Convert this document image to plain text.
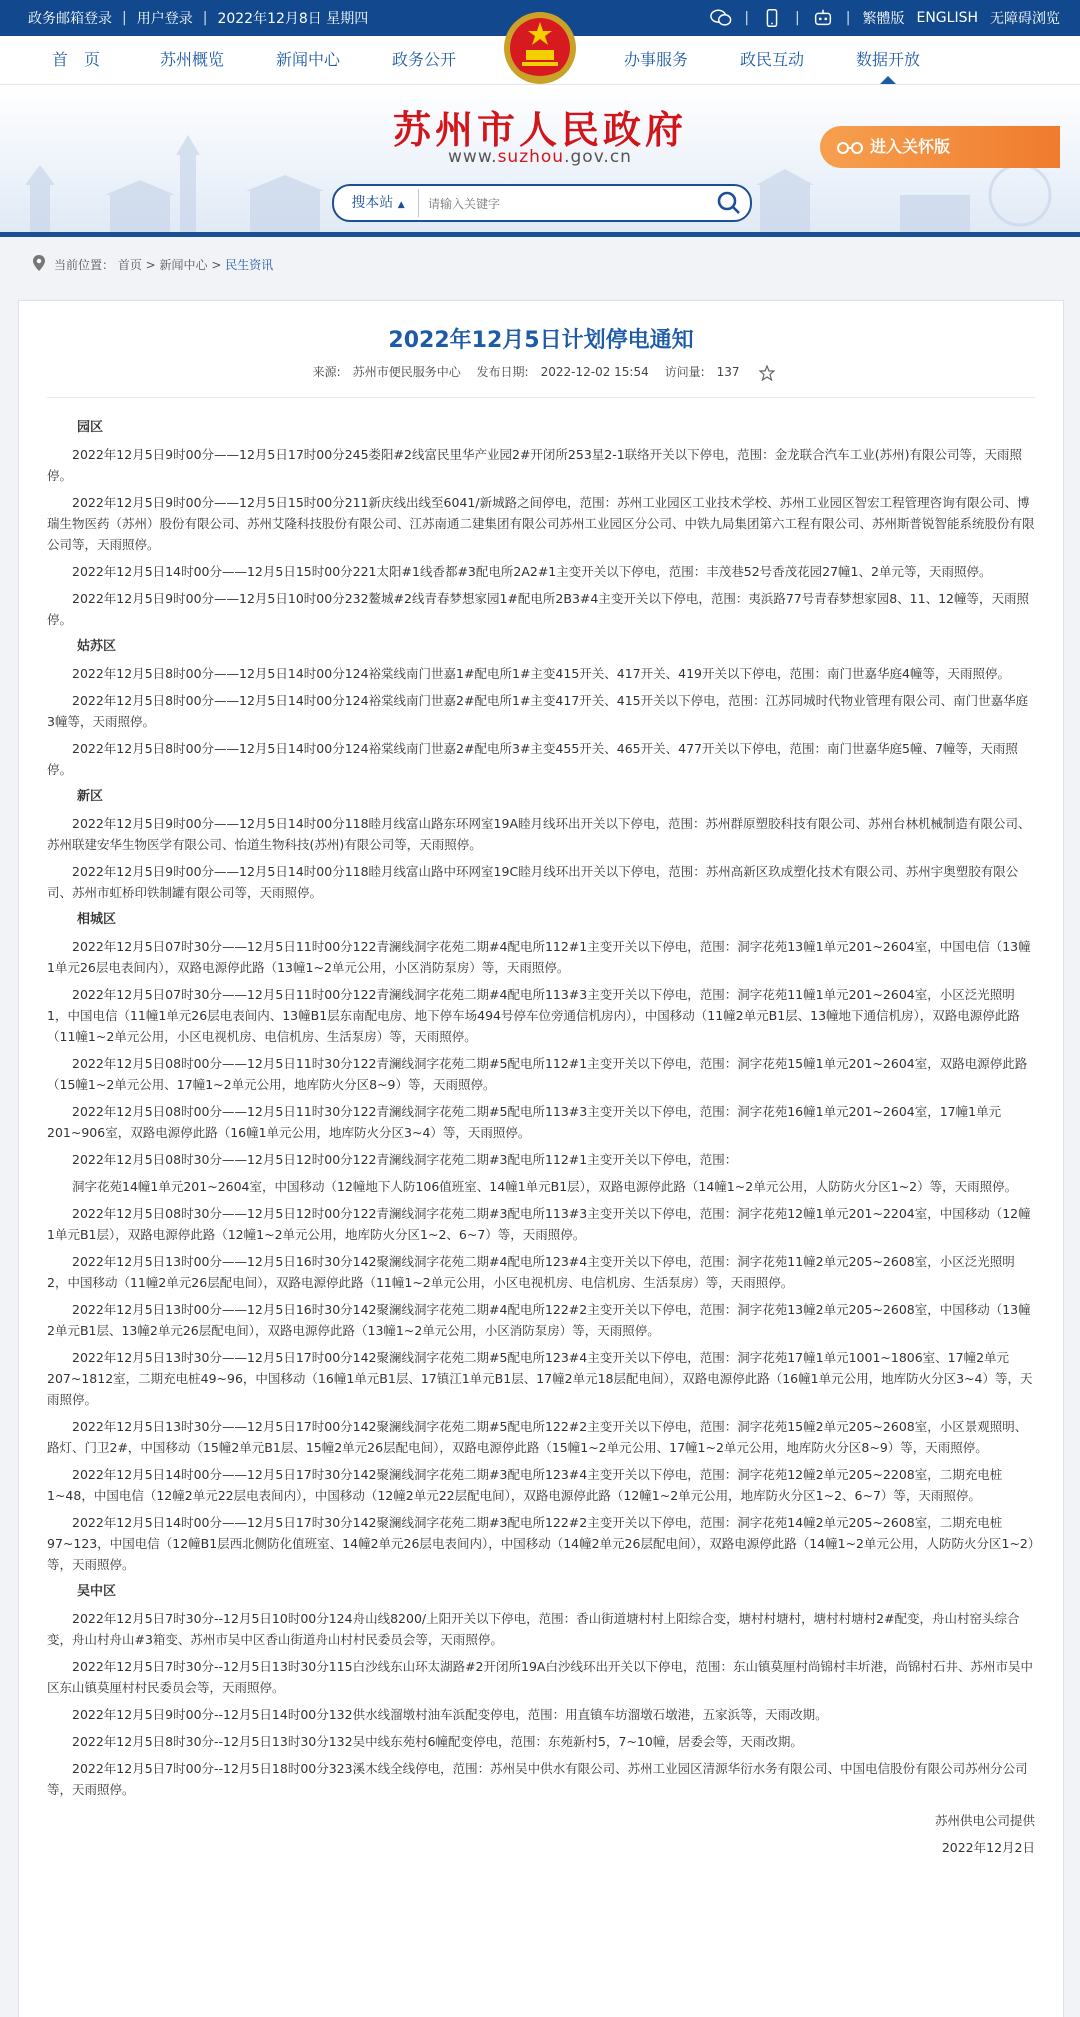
政务邮箱登录 | 用户登录 | 2022年12月8日 星期四	|	|	| 繁體版 ENGLISH 无障碍浏览
首　页	苏州概览	新闻中心	政务公开	办事服务	政民互动	数据开放
苏州市人民政府
www.suzhou.gov.cn
进入关怀版
搜本站 ▲
请输入关键字
当前位置： 首页 > 新闻中心 > 民生资讯
2022年12月5日计划停电通知
来源: 苏州市便民服务中心 发布日期: 2022-12-02 15:54 访问量: 137
园区

2022年12月5日9时00分——12月5日17时00分245娄阳#2线富民里华产业园2#开闭所253星2-1联络开关以下停电，范围：金龙联合汽车工业(苏州)有限公司等，天雨照停。

2022年12月5日9时00分——12月5日15时00分211新庆线出线至6041/新城路之间停电，范围：苏州工业园区工业技术学校、苏州工业园区智宏工程管理咨询有限公司、博瑞生物医药（苏州）股份有限公司、苏州艾隆科技股份有限公司、江苏南通二建集团有限公司苏州工业园区分公司、中铁九局集团第六工程有限公司、苏州斯普锐智能系统股份有限公司等，天雨照停。

2022年12月5日14时00分——12月5日15时00分221太阳#1线香都#3配电所2A2#1主变开关以下停电，范围：丰茂巷52号香茂花园27幢1、2单元等，天雨照停。

2022年12月5日9时00分——12月5日10时00分232鳌城#2线青春梦想家园1#配电所2B3#4主变开关以下停电，范围：夷浜路77号青春梦想家园8、11、12幢等，天雨照停。

姑苏区

2022年12月5日8时00分——12月5日14时00分124裕棠线南门世嘉1#配电所1#主变415开关、417开关、419开关以下停电，范围：南门世嘉华庭4幢等，天雨照停。

2022年12月5日8时00分——12月5日14时00分124裕棠线南门世嘉2#配电所1#主变417开关、415开关以下停电，范围：江苏同城时代物业管理有限公司、南门世嘉华庭3幢等，天雨照停。

2022年12月5日8时00分——12月5日14时00分124裕棠线南门世嘉2#配电所3#主变455开关、465开关、477开关以下停电，范围：南门世嘉华庭5幢、7幢等，天雨照停。

新区

2022年12月5日9时00分——12月5日14时00分118睦月线富山路东环网室19A睦月线环出开关以下停电，范围：苏州群原塑胶科技有限公司、苏州台林机械制造有限公司、苏州联建安华生物医学有限公司、怡道生物科技(苏州)有限公司等，天雨照停。

2022年12月5日9时00分——12月5日14时00分118睦月线富山路中环网室19C睦月线环出开关以下停电，范围：苏州高新区玖成塑化技术有限公司、苏州宇奥塑胶有限公司、苏州市虹桥印铁制罐有限公司等，天雨照停。

相城区

2022年12月5日07时30分——12月5日11时00分122青澜线洞字花苑二期#4配电所112#1主变开关以下停电，范围：洞字花苑13幢1单元201~2604室，中国电信（13幢1单元26层电表间内），双路电源停此路（13幢1~2单元公用，小区消防泵房）等，天雨照停。

2022年12月5日07时30分——12月5日11时00分122青澜线洞字花苑二期#4配电所113#3主变开关以下停电，范围：洞字花苑11幢1单元201~2604室，小区泛光照明1，中国电信（11幢1单元26层电表间内、13幢B1层东南配电房、地下停车场494号停车位旁通信机房内），中国移动（11幢2单元B1层、13幢地下通信机房），双路电源停此路（11幢1~2单元公用，小区电视机房、电信机房、生活泵房）等，天雨照停。

2022年12月5日08时00分——12月5日11时30分122青澜线洞字花苑二期#5配电所112#1主变开关以下停电，范围：洞字花苑15幢1单元201~2604室，双路电源停此路（15幢1~2单元公用、17幢1~2单元公用，地库防火分区8~9）等，天雨照停。

2022年12月5日08时00分——12月5日11时30分122青澜线洞字花苑二期#5配电所113#3主变开关以下停电，范围：洞字花苑16幢1单元201~2604室，17幢1单元201~906室，双路电源停此路（16幢1单元公用，地库防火分区3~4）等，天雨照停。

2022年12月5日08时30分——12月5日12时00分122青澜线洞字花苑二期#3配电所112#1主变开关以下停电，范围：

洞字花苑14幢1单元201~2604室，中国移动（12幢地下人防106值班室、14幢1单元B1层），双路电源停此路（14幢1~2单元公用，人防防火分区1~2）等，天雨照停。

2022年12月5日08时30分——12月5日12时00分122青澜线洞字花苑二期#3配电所113#3主变开关以下停电，范围：洞字花苑12幢1单元201~2204室，中国移动（12幢1单元B1层），双路电源停此路（12幢1~2单元公用，地库防火分区1~2、6~7）等，天雨照停。

2022年12月5日13时00分——12月5日16时30分142聚澜线洞字花苑二期#4配电所123#4主变开关以下停电，范围：洞字花苑11幢2单元205~2608室，小区泛光照明2，中国移动（11幢2单元26层配电间），双路电源停此路（11幢1~2单元公用，小区电视机房、电信机房、生活泵房）等，天雨照停。

2022年12月5日13时00分——12月5日16时30分142聚澜线洞字花苑二期#4配电所122#2主变开关以下停电，范围：洞字花苑13幢2单元205~2608室，中国移动（13幢2单元B1层、13幢2单元26层配电间），双路电源停此路（13幢1~2单元公用，小区消防泵房）等，天雨照停。

2022年12月5日13时30分——12月5日17时00分142聚澜线洞字花苑二期#5配电所123#4主变开关以下停电，范围：洞字花苑17幢1单元1001~1806室、17幢2单元207~1812室，二期充电桩49~96，中国移动（16幢1单元B1层、17镇江1单元B1层、17幢2单元18层配电间），双路电源停此路（16幢1单元公用，地库防火分区3~4）等，天雨照停。

2022年12月5日13时30分——12月5日17时00分142聚澜线洞字花苑二期#5配电所122#2主变开关以下停电，范围：洞字花苑15幢2单元205~2608室，小区景观照明、路灯、门卫2#，中国移动（15幢2单元B1层、15幢2单元26层配电间），双路电源停此路（15幢1~2单元公用、17幢1~2单元公用，地库防火分区8~9）等，天雨照停。

2022年12月5日14时00分——12月5日17时30分142聚澜线洞字花苑二期#3配电所123#4主变开关以下停电，范围：洞字花苑12幢2单元205~2208室，二期充电桩1~48，中国电信（12幢2单元22层电表间内），中国移动（12幢2单元22层配电间），双路电源停此路（12幢1~2单元公用，地库防火分区1~2、6~7）等，天雨照停。

2022年12月5日14时00分——12月5日17时30分142聚澜线洞字花苑二期#3配电所122#2主变开关以下停电，范围：洞字花苑14幢2单元205~2608室，二期充电桩97~123，中国电信（12幢B1层西北侧防化值班室、14幢2单元26层电表间内），中国移动（14幢2单元26层配电间），双路电源停此路（14幢1~2单元公用，人防防火分区1~2）等，天雨照停。

吴中区

2022年12月5日7时30分--12月5日10时00分124舟山线8200/上阳开关以下停电，范围：香山街道塘村村上阳综合变，塘村村塘村，塘村村塘村2#配变，舟山村窑头综合变，舟山村舟山#3箱变、苏州市吴中区香山街道舟山村村民委员会等，天雨照停。

2022年12月5日7时30分--12月5日13时30分115白沙线东山环太湖路#2开闭所19A白沙线环出开关以下停电，范围：东山镇莫厘村尚锦村丰圻港，尚锦村石井、苏州市吴中区东山镇莫厘村村民委员会等，天雨照停。

2022年12月5日9时00分--12月5日14时00分132供水线溜墩村油车浜配变停电，范围：用直镇车坊溜墩石墩港，五家浜等，天雨改期。

2022年12月5日8时30分--12月5日13时30分132吴中线东苑村6幢配变停电，范围：东苑新村5，7~10幢，居委会等，天雨改期。

2022年12月5日7时00分--12月5日18时00分323溪木线全线停电，范围：苏州吴中供水有限公司、苏州工业园区清源华衍水务有限公司、中国电信股份有限公司苏州分公司等，天雨照停。

苏州供电公司提供

2022年12月2日
